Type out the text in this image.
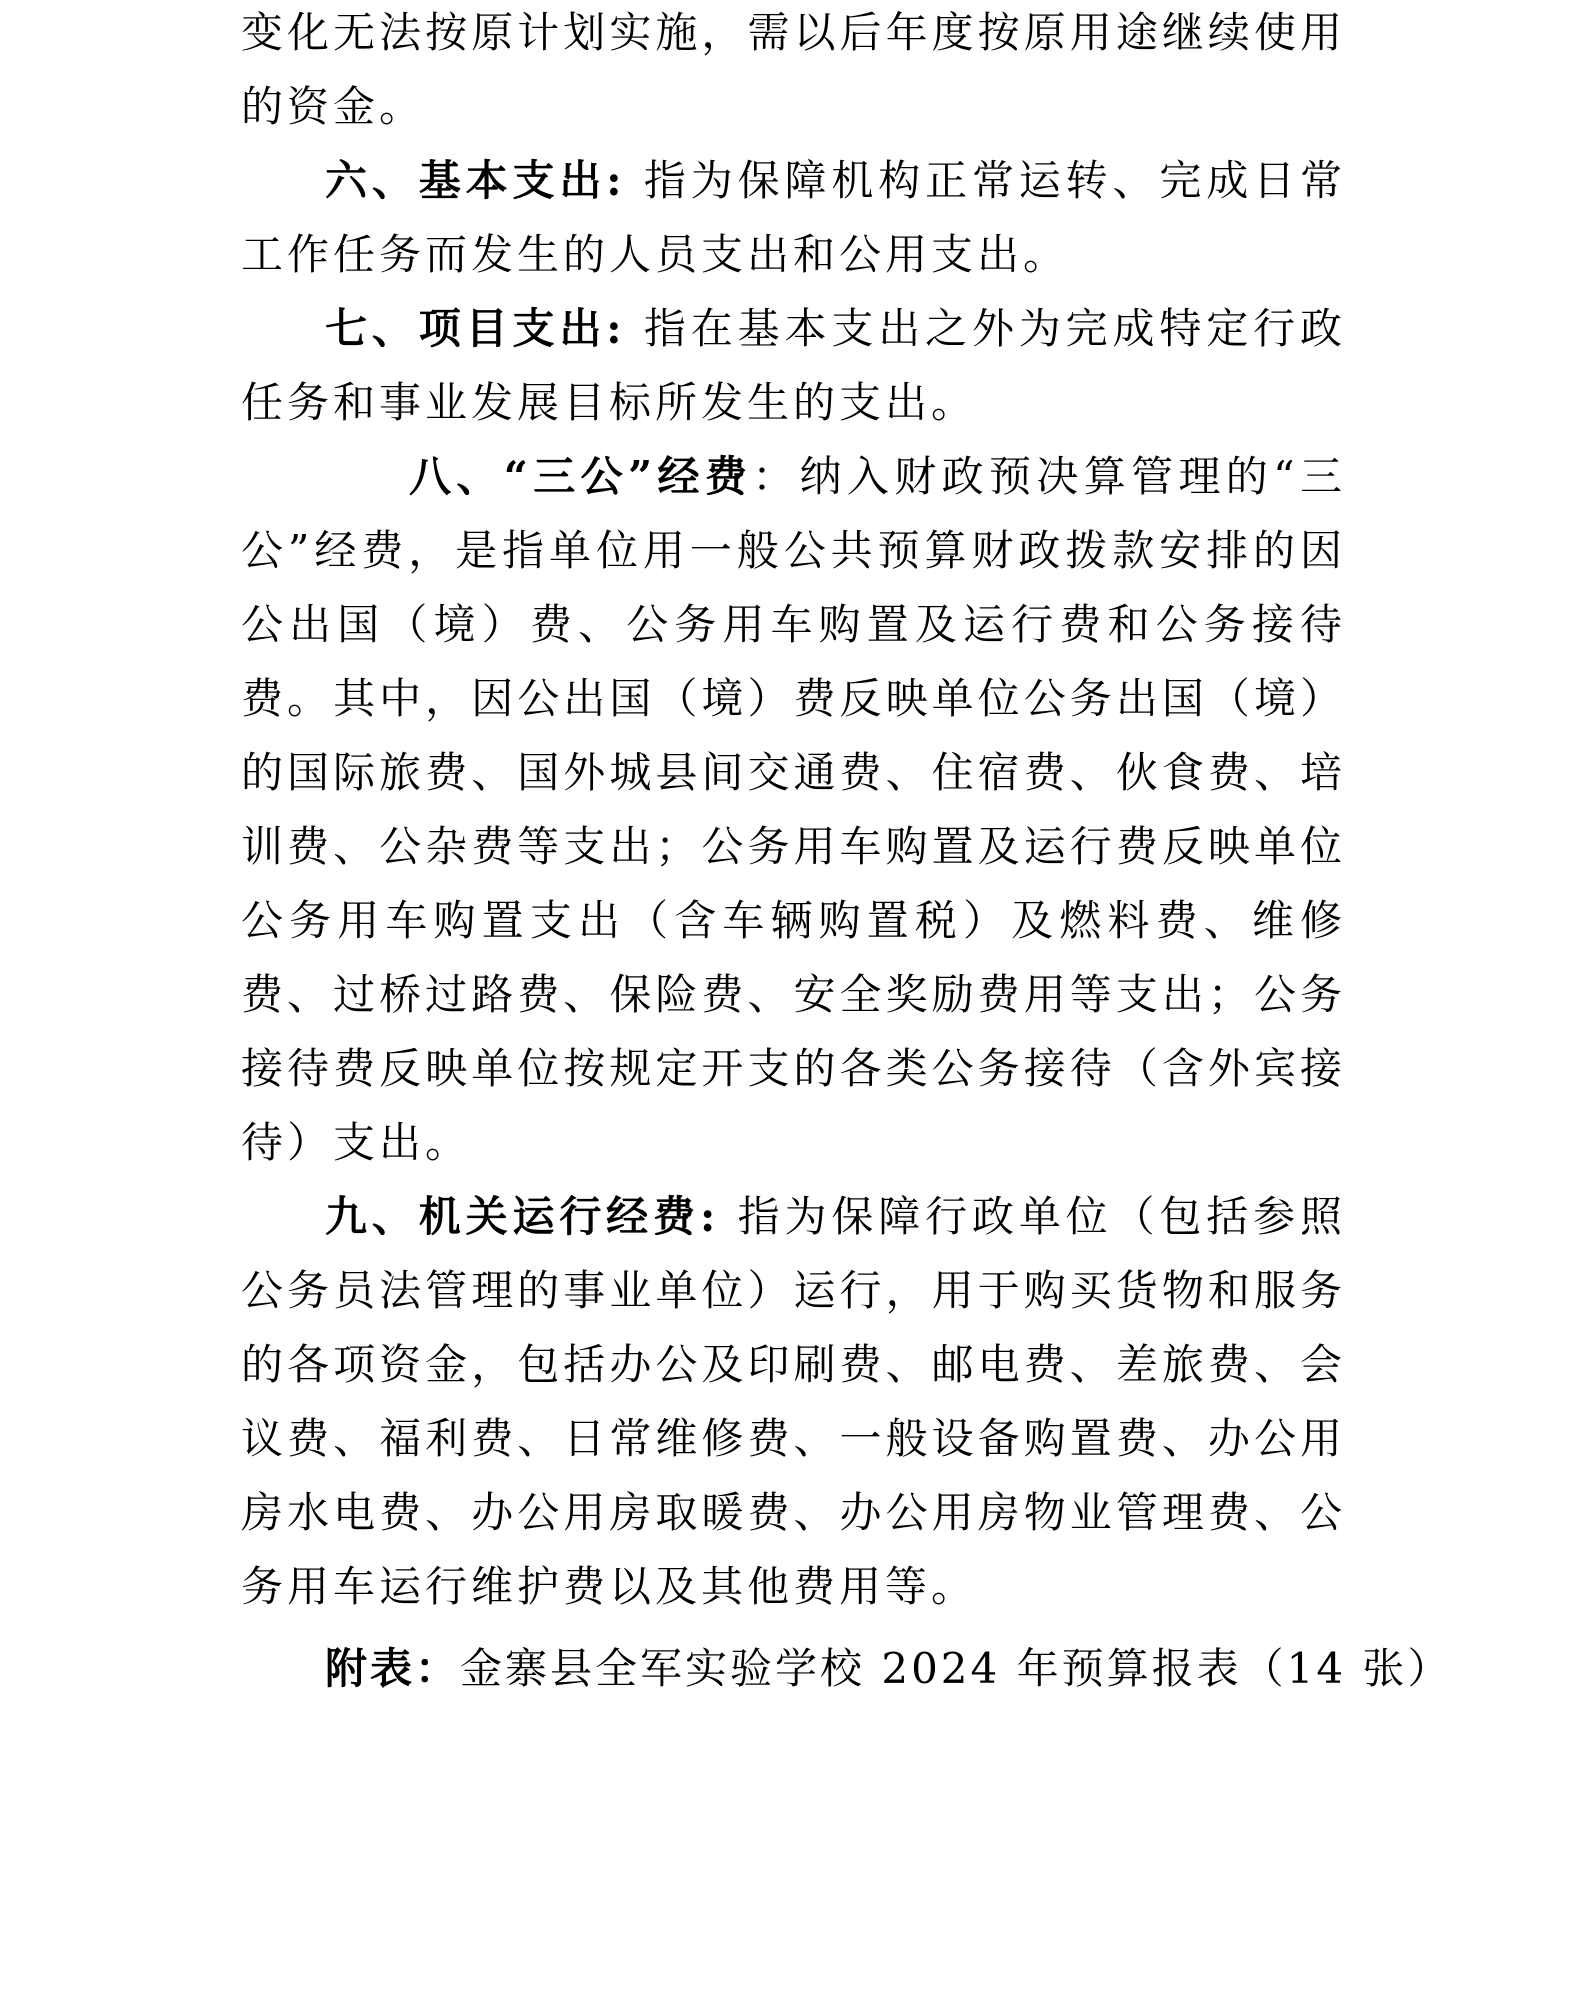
变化无法按原计划实施，需以后年度按原用途继续使用的资金。

六、基本支出: 指为保障机构正常运转、完成日常工作任务而发生的人员支出和公用支出。

七、项目支出: 指在基本支出之外为完成特定行政任务和事业发展目标所发生的支出。

八、“三公”经费：纳入财政预决算管理的“三公”经费，是指单位用一般公共预算财政拨款安排的因公出国（境）费、公务用车购置及运行费和公务接待费。其中，因公出国（境）费反映单位公务出国（境）的国际旅费、国外城县间交通费、住宿费、伙食费、培训费、公杂费等支出；公务用车购置及运行费反映单位公务用车购置支出（含车辆购置税）及燃料费、维修费、过桥过路费、保险费、安全奖励费用等支出；公务接待费反映单位按规定开支的各类公务接待（含外宾接待）支出。

九、机关运行经费: 指为保障行政单位（包括参照公务员法管理的事业单位）运行，用于购买货物和服务的各项资金，包括办公及印刷费、邮电费、差旅费、会议费、福利费、日常维修费、一般设备购置费、办公用房水电费、办公用房取暖费、办公用房物业管理费、公务用车运行维护费以及其他费用等。

附表：金寨县全军实验学校 2024 年预算报表（14 张）
